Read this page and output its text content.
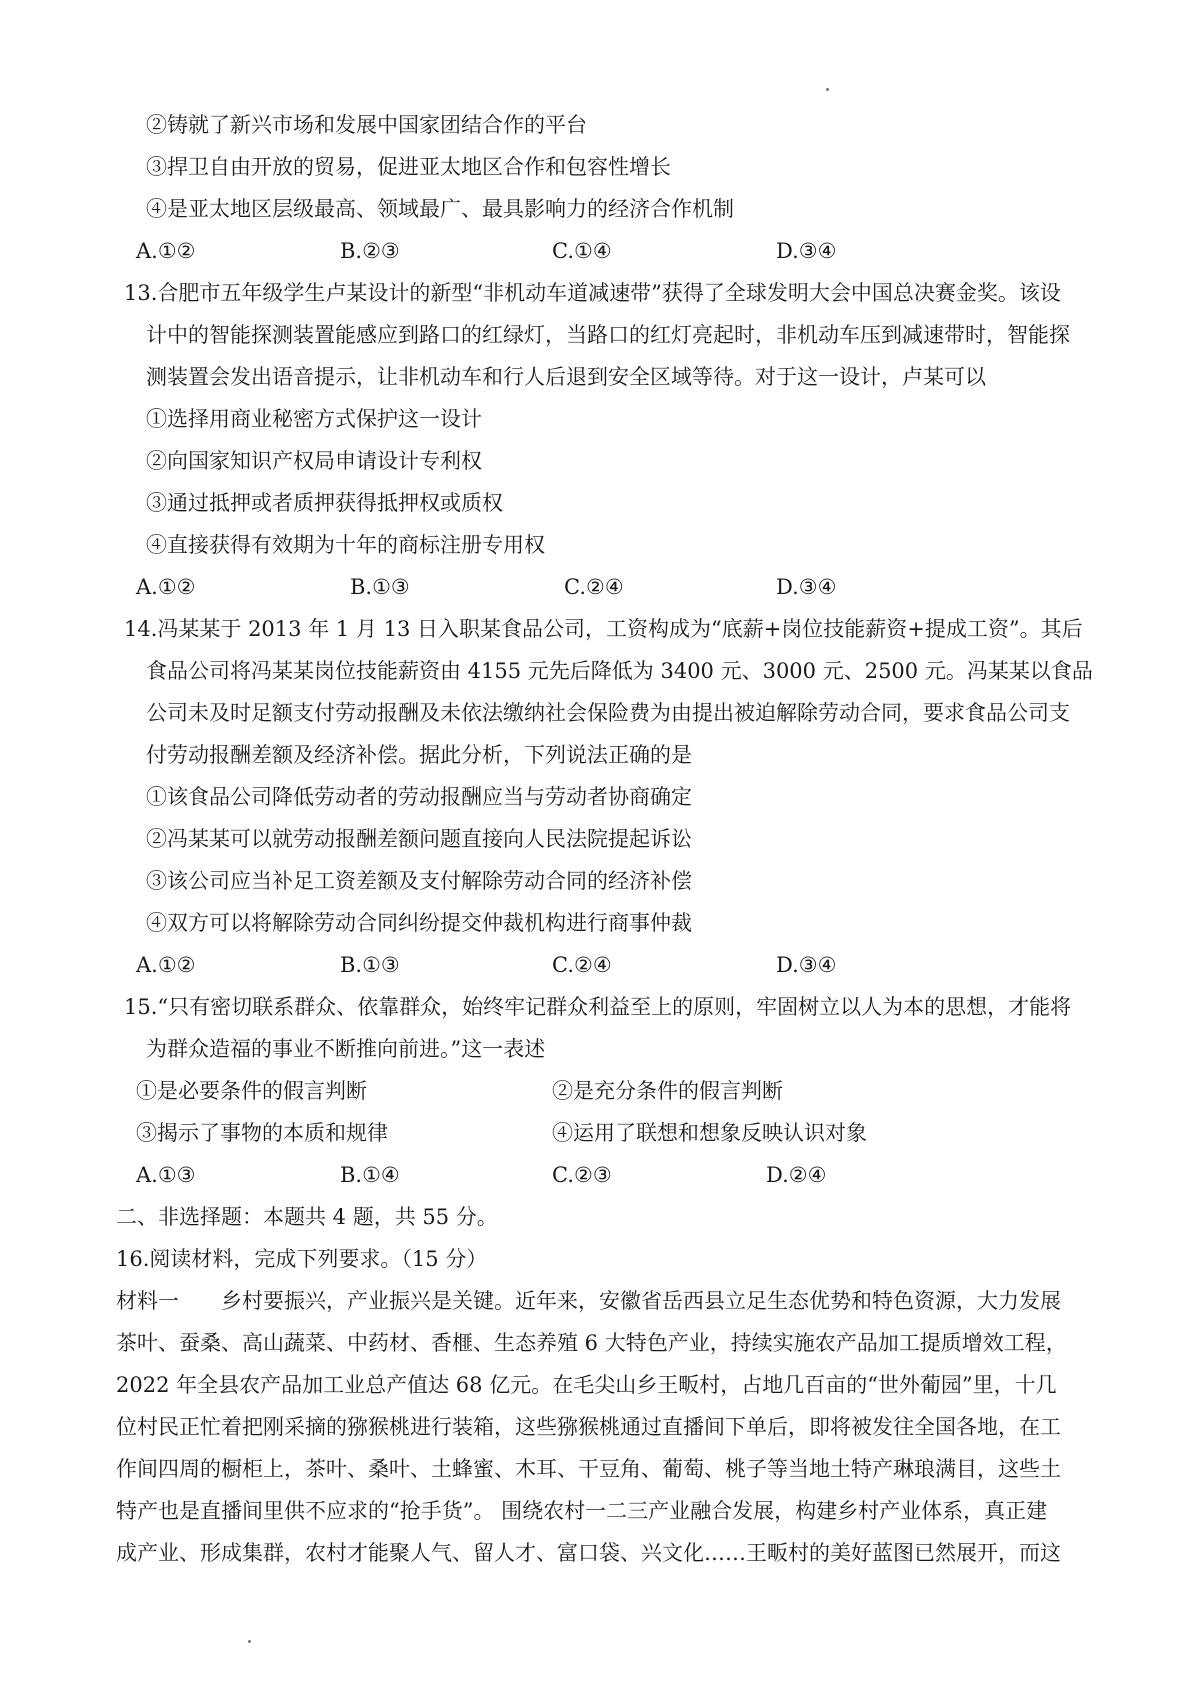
②铸就了新兴市场和发展中国家团结合作的平台
③捍卫自由开放的贸易，促进亚太地区合作和包容性增长
④是亚太地区层级最高、领域最广、最具影响力的经济合作机制
A.①②	B.②③	C.①④	D.③④
13.合肥市五年级学生卢某设计的新型“非机动车道减速带”获得了全球发明大会中国总决赛金奖。该设
计中的智能探测装置能感应到路口的红绿灯，当路口的红灯亮起时，非机动车压到减速带时，智能探
测装置会发出语音提示，让非机动车和行人后退到安全区域等待。对于这一设计，卢某可以
①选择用商业秘密方式保护这一设计
②向国家知识产权局申请设计专利权
③通过抵押或者质押获得抵押权或质权
④直接获得有效期为十年的商标注册专用权
A.①②	B.①③	C.②④	D.③④
14.冯某某于 2013 年 1 月 13 日入职某食品公司，工资构成为“底薪+岗位技能薪资+提成工资”。其后
食品公司将冯某某岗位技能薪资由 4155 元先后降低为 3400 元、3000 元、2500 元。冯某某以食品
公司未及时足额支付劳动报酬及未依法缴纳社会保险费为由提出被迫解除劳动合同，要求食品公司支
付劳动报酬差额及经济补偿。据此分析，下列说法正确的是
①该食品公司降低劳动者的劳动报酬应当与劳动者协商确定
②冯某某可以就劳动报酬差额问题直接向人民法院提起诉讼
③该公司应当补足工资差额及支付解除劳动合同的经济补偿
④双方可以将解除劳动合同纠纷提交仲裁机构进行商事仲裁
A.①②	B.①③	C.②④	D.③④
15.“只有密切联系群众、依靠群众，始终牢记群众利益至上的原则，牢固树立以人为本的思想，才能将
为群众造福的事业不断推向前进。”这一表述
①是必要条件的假言判断	②是充分条件的假言判断
③揭示了事物的本质和规律	④运用了联想和想象反映认识对象
A.①③	B.①④	C.②③	D.②④
二、非选择题：本题共 4 题，共 55 分。
16.阅读材料，完成下列要求。（15 分）
材料一　　乡村要振兴，产业振兴是关键。近年来，安徽省岳西县立足生态优势和特色资源，大力发展
茶叶、蚕桑、高山蔬菜、中药材、香榧、生态养殖 6 大特色产业，持续实施农产品加工提质增效工程，
2022 年全县农产品加工业总产值达 68 亿元。在毛尖山乡王畈村，占地几百亩的“世外葡园”里，十几
位村民正忙着把刚采摘的猕猴桃进行装箱，这些猕猴桃通过直播间下单后，即将被发往全国各地，在工
作间四周的橱柜上，茶叶、桑叶、土蜂蜜、木耳、干豆角、葡萄、桃子等当地土特产琳琅满目，这些土
特产也是直播间里供不应求的“抢手货”。 围绕农村一二三产业融合发展，构建乡村产业体系，真正建
成产业、形成集群，农村才能聚人气、留人才、富口袋、兴文化……王畈村的美好蓝图已然展开，而这
